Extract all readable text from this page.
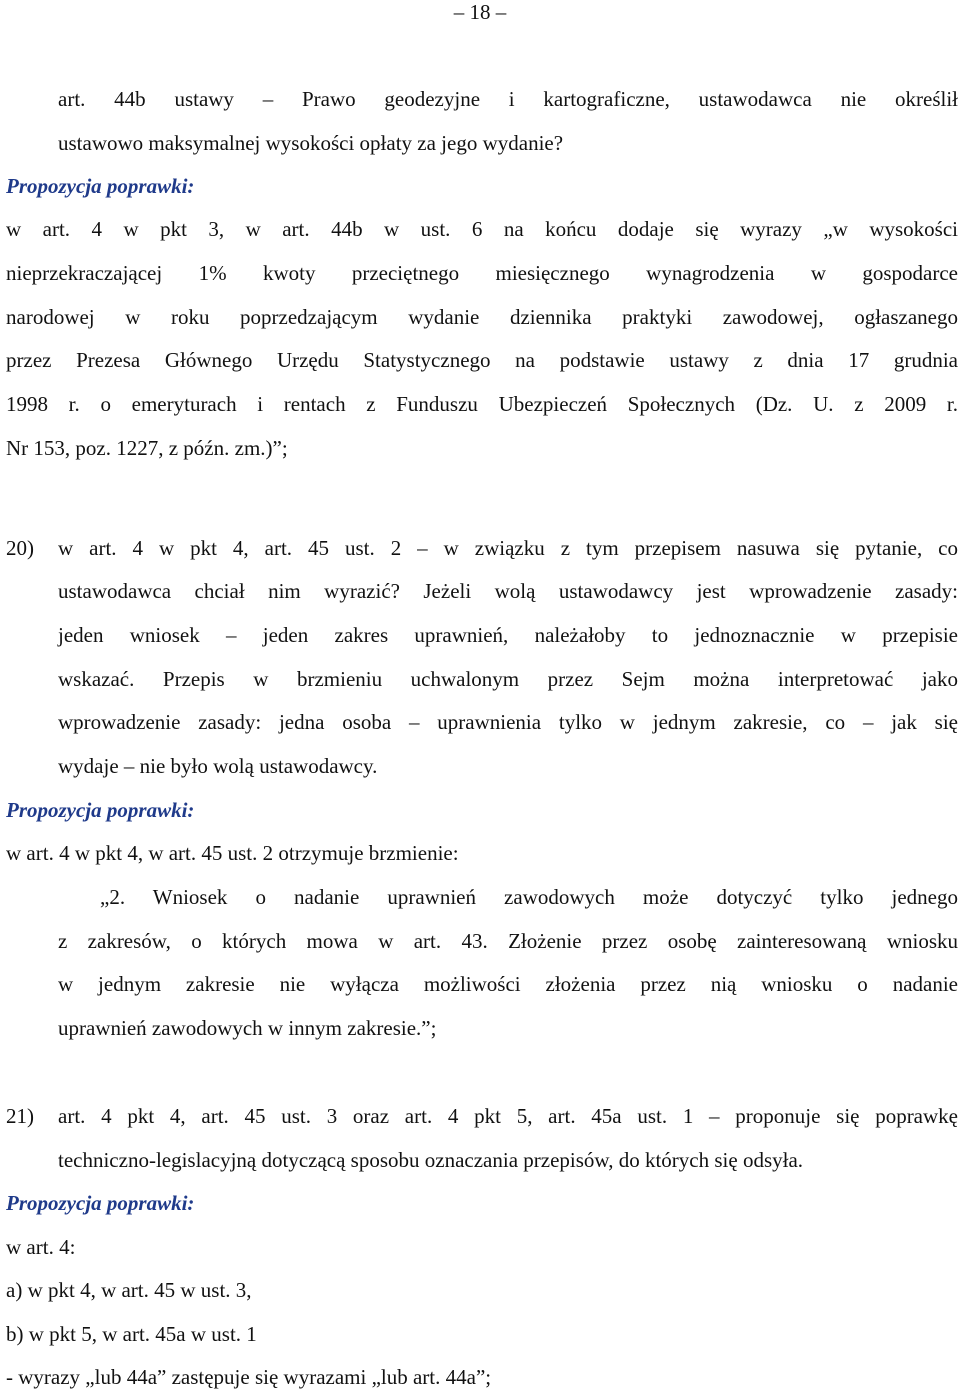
– 18 –
art. 44b ustawy – Prawo geodezyjne i kartograficzne, ustawodawca nie określił
ustawowo maksymalnej wysokości opłaty za jego wydanie?
Propozycja poprawki:
w art. 4 w pkt 3, w art. 44b w ust. 6 na końcu dodaje się wyrazy „w wysokości
nieprzekraczającej 1% kwoty przeciętnego miesięcznego wynagrodzenia w gospodarce
narodowej w roku poprzedzającym wydanie dziennika praktyki zawodowej, ogłaszanego
przez Prezesa Głównego Urzędu Statystycznego na podstawie ustawy z dnia 17 grudnia
1998 r. o emeryturach i rentach z Funduszu Ubezpieczeń Społecznych (Dz. U. z 2009 r.
Nr 153, poz. 1227, z późn. zm.)”;
20) w art. 4 w pkt 4, art. 45 ust. 2 – w związku z tym przepisem nasuwa się pytanie, co
ustawodawca chciał nim wyrazić? Jeżeli wolą ustawodawcy jest wprowadzenie zasady:
jeden wniosek – jeden zakres uprawnień, należałoby to jednoznacznie w przepisie
wskazać. Przepis w brzmieniu uchwalonym przez Sejm można interpretować jako
wprowadzenie zasady: jedna osoba – uprawnienia tylko w jednym zakresie, co – jak się
wydaje – nie było wolą ustawodawcy.
Propozycja poprawki:
w art. 4 w pkt 4, w art. 45 ust. 2 otrzymuje brzmienie:
„2. Wniosek o nadanie uprawnień zawodowych może dotyczyć tylko jednego
z zakresów, o których mowa w art. 43. Złożenie przez osobę zainteresowaną wniosku
w jednym zakresie nie wyłącza możliwości złożenia przez nią wniosku o nadanie
uprawnień zawodowych w innym zakresie.”;
21) art. 4 pkt 4, art. 45 ust. 3 oraz art. 4 pkt 5, art. 45a ust. 1 – proponuje się poprawkę
techniczno-legislacyjną dotyczącą sposobu oznaczania przepisów, do których się odsyła.
Propozycja poprawki:
w art. 4:
a) w pkt 4, w art. 45 w ust. 3,
b) w pkt 5, w art. 45a w ust. 1
- wyrazy „lub 44a” zastępuje się wyrazami „lub art. 44a”;
